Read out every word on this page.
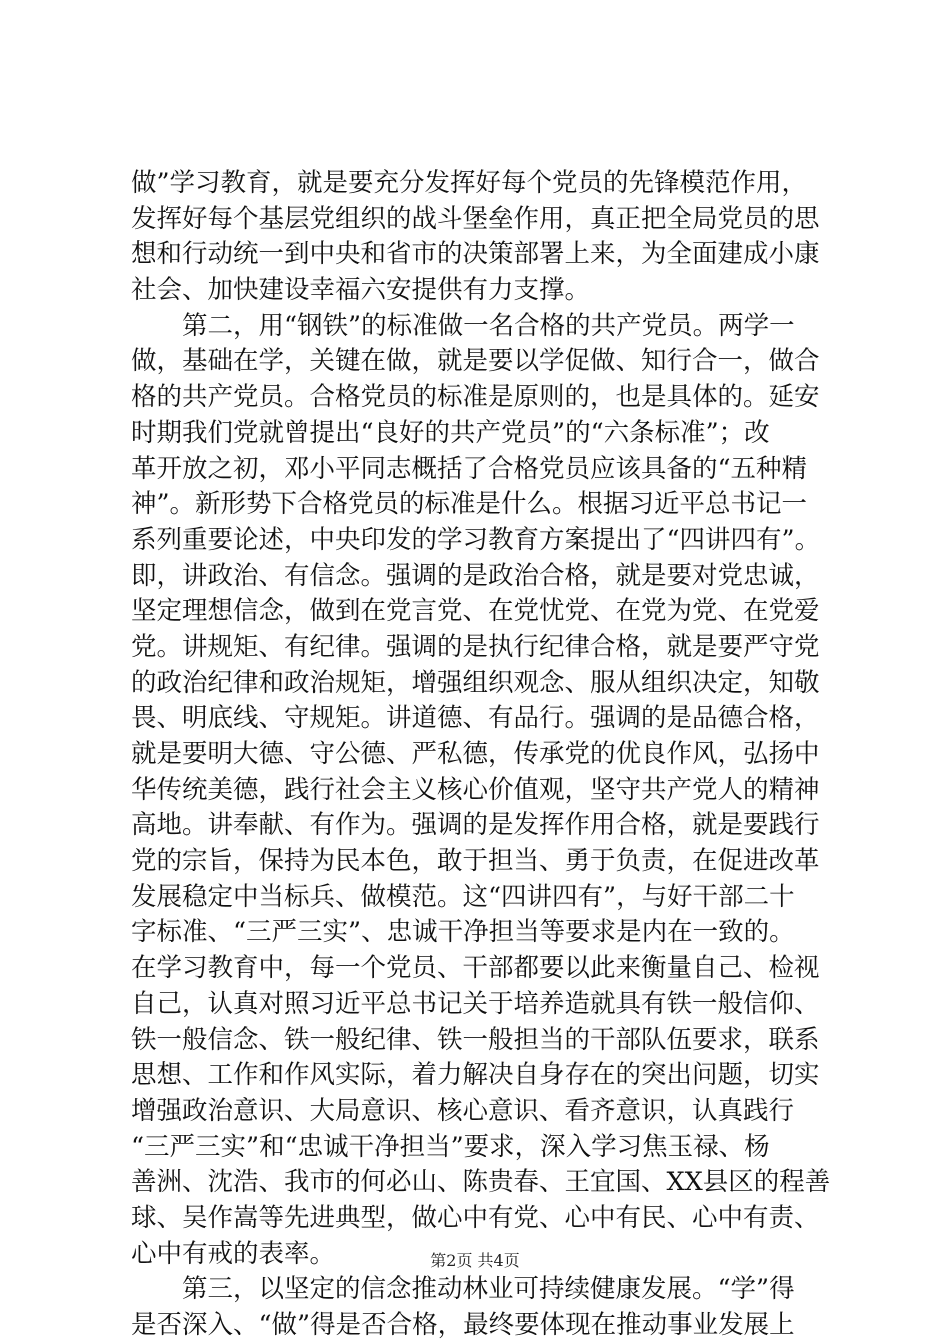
做”学习教育，就是要充分发挥好每个党员的先锋模范作用，
发挥好每个基层党组织的战斗堡垒作用，真正把全局党员的思
想和行动统一到中央和省市的决策部署上来，为全面建成小康
社会、加快建设幸福六安提供有力支撑。
第二，用“钢铁”的标准做一名合格的共产党员。两学一
做，基础在学，关键在做，就是要以学促做、知行合一，做合
格的共产党员。合格党员的标准是原则的，也是具体的。延安
时期我们党就曾提出“良好的共产党员”的“六条标准”；改
革开放之初，邓小平同志概括了合格党员应该具备的“五种精
神”。新形势下合格党员的标准是什么。根据习近平总书记一
系列重要论述，中央印发的学习教育方案提出了“四讲四有”。
即，讲政治、有信念。强调的是政治合格，就是要对党忠诚，
坚定理想信念，做到在党言党、在党忧党、在党为党、在党爱
党。讲规矩、有纪律。强调的是执行纪律合格，就是要严守党
的政治纪律和政治规矩，增强组织观念、服从组织决定，知敬
畏、明底线、守规矩。讲道德、有品行。强调的是品德合格，
就是要明大德、守公德、严私德，传承党的优良作风，弘扬中
华传统美德，践行社会主义核心价值观，坚守共产党人的精神
高地。讲奉献、有作为。强调的是发挥作用合格，就是要践行
党的宗旨，保持为民本色，敢于担当、勇于负责，在促进改革
发展稳定中当标兵、做模范。这“四讲四有”，与好干部二十
字标准、“三严三实”、忠诚干净担当等要求是内在一致的。
在学习教育中，每一个党员、干部都要以此来衡量自己、检视
自己，认真对照习近平总书记关于培养造就具有铁一般信仰、
铁一般信念、铁一般纪律、铁一般担当的干部队伍要求，联系
思想、工作和作风实际，着力解决自身存在的突出问题，切实
增强政治意识、大局意识、核心意识、看齐意识，认真践行
“三严三实”和“忠诚干净担当”要求，深入学习焦玉禄、杨
善洲、沈浩、我市的何必山、陈贵春、王宜国、XX县区的程善
球、吴作嵩等先进典型，做心中有党、心中有民、心中有责、
心中有戒的表率。
第三，以坚定的信念推动林业可持续健康发展。“学”得
是否深入、“做”得是否合格，最终要体现在推动事业发展上
第2页 共4页
